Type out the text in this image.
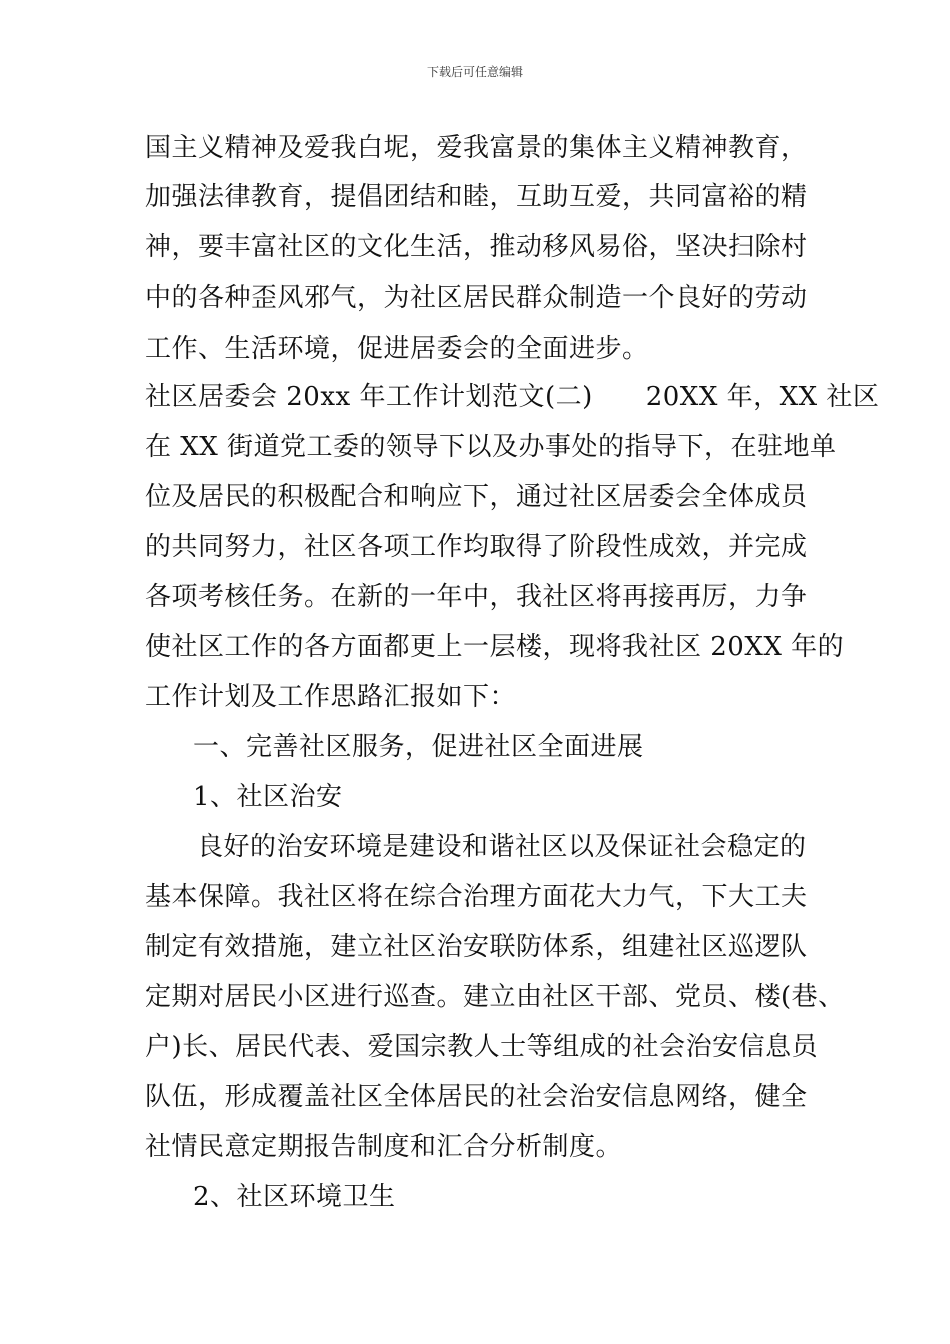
下载后可任意编辑
国主义精神及爱我白坭，爱我富景的集体主义精神教育，
加强法律教育，提倡团结和睦，互助互爱，共同富裕的精
神，要丰富社区的文化生活，推动移风易俗，坚决扫除村
中的各种歪风邪气，为社区居民群众制造一个良好的劳动
工作、生活环境，促进居委会的全面进步。
社区居委会 20xx 年工作计划范文(二)　　20XX 年，XX 社区
在 XX 街道党工委的领导下以及办事处的指导下，在驻地单
位及居民的积极配合和响应下，通过社区居委会全体成员
的共同努力，社区各项工作均取得了阶段性成效，并完成
各项考核任务。在新的一年中，我社区将再接再厉，力争
使社区工作的各方面都更上一层楼，现将我社区 20XX 年的
工作计划及工作思路汇报如下：
一、完善社区服务，促进社区全面进展
1、社区治安
良好的治安环境是建设和谐社区以及保证社会稳定的
基本保障。我社区将在综合治理方面花大力气，下大工夫
制定有效措施，建立社区治安联防体系，组建社区巡逻队
定期对居民小区进行巡查。建立由社区干部、党员、楼(巷、
户)长、居民代表、爱国宗教人士等组成的社会治安信息员
队伍，形成覆盖社区全体居民的社会治安信息网络，健全
社情民意定期报告制度和汇合分析制度。
2、社区环境卫生
